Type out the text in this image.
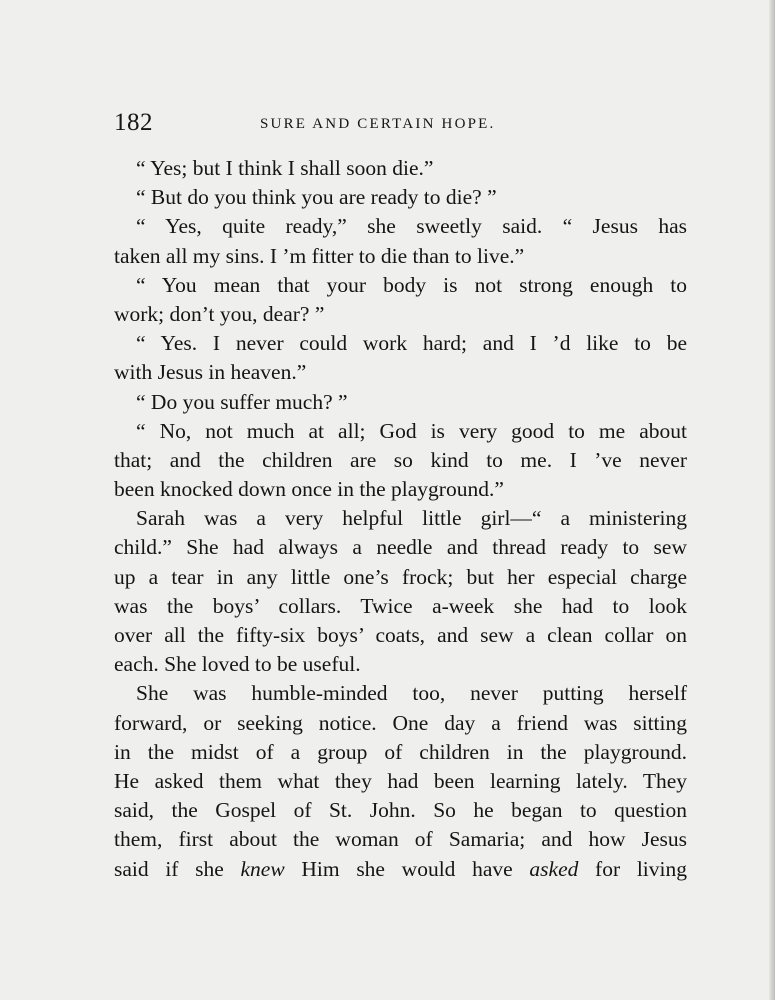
182	SURE AND CERTAIN HOPE.
“ Yes; but I think I shall soon die.”
“ But do you think you are ready to die? ”
“ Yes, quite ready,” she sweetly said. “ Jesus has
taken all my sins. I ’m fitter to die than to live.”
“ You mean that your body is not strong enough to
work; don’t you, dear? ”
“ Yes. I never could work hard; and I ’d like to be
with Jesus in heaven.”
“ Do you suffer much? ”
“ No, not much at all; God is very good to me about
that; and the children are so kind to me. I ’ve never
been knocked down once in the playground.”
Sarah was a very helpful little girl—“ a ministering
child.” She had always a needle and thread ready to sew
up a tear in any little one’s frock; but her especial charge
was the boys’ collars. Twice a-week she had to look
over all the fifty-six boys’ coats, and sew a clean collar on
each. She loved to be useful.
She was humble-minded too, never putting herself
forward, or seeking notice. One day a friend was sitting
in the midst of a group of children in the playground.
He asked them what they had been learning lately. They
said, the Gospel of St. John. So he began to question
them, first about the woman of Samaria; and how Jesus
said if she knew Him she would have asked for living
